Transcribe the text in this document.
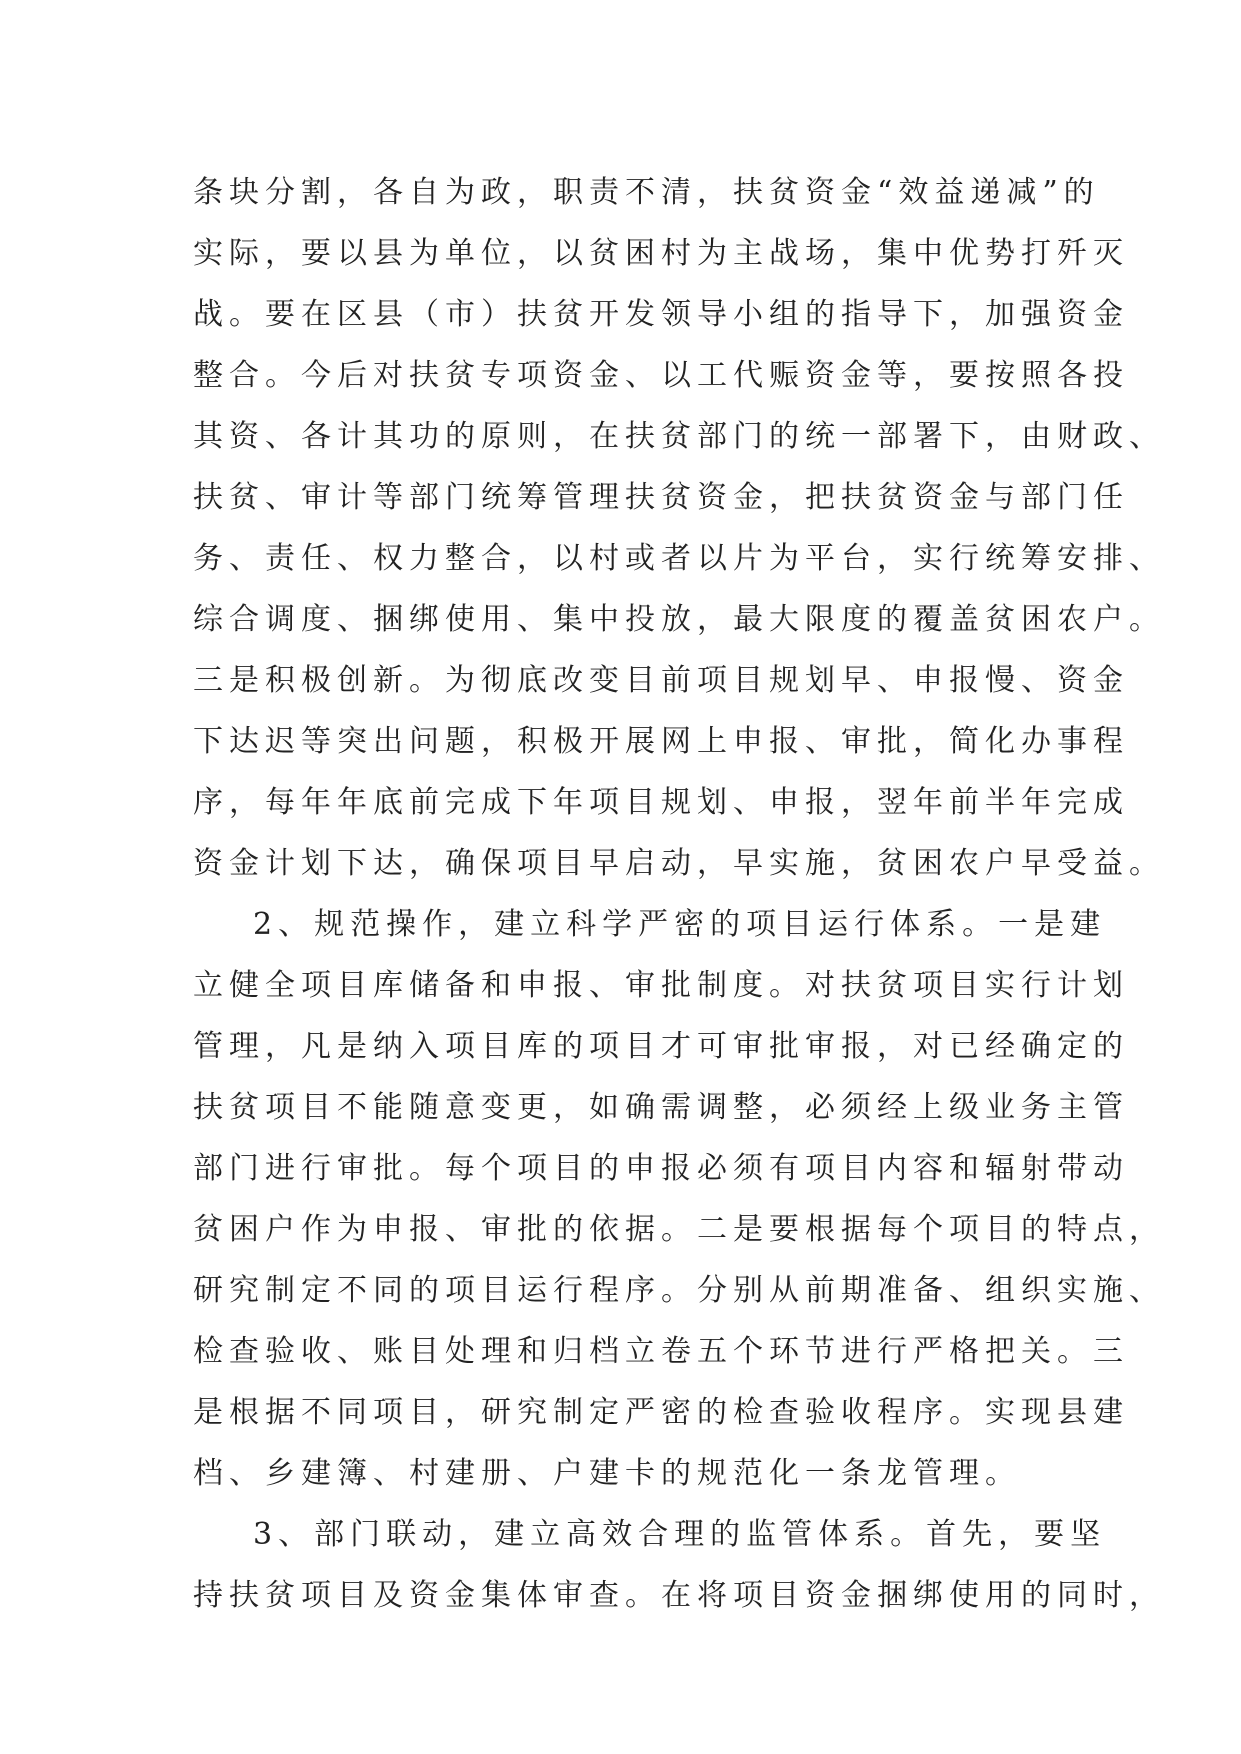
条块分割，各自为政，职责不清，扶贫资金“效益递减”的
实际，要以县为单位，以贫困村为主战场，集中优势打歼灭
战。要在区县（市）扶贫开发领导小组的指导下，加强资金
整合。今后对扶贫专项资金、以工代赈资金等，要按照各投
其资、各计其功的原则，在扶贫部门的统一部署下，由财政、
扶贫、审计等部门统筹管理扶贫资金，把扶贫资金与部门任
务、责任、权力整合，以村或者以片为平台，实行统筹安排、
综合调度、捆绑使用、集中投放，最大限度的覆盖贫困农户。
三是积极创新。为彻底改变目前项目规划早、申报慢、资金
下达迟等突出问题，积极开展网上申报、审批，简化办事程
序，每年年底前完成下年项目规划、申报，翌年前半年完成
资金计划下达，确保项目早启动，早实施，贫困农户早受益。
2、规范操作，建立科学严密的项目运行体系。一是建
立健全项目库储备和申报、审批制度。对扶贫项目实行计划
管理，凡是纳入项目库的项目才可审批审报，对已经确定的
扶贫项目不能随意变更，如确需调整，必须经上级业务主管
部门进行审批。每个项目的申报必须有项目内容和辐射带动
贫困户作为申报、审批的依据。二是要根据每个项目的特点，
研究制定不同的项目运行程序。分别从前期准备、组织实施、
检查验收、账目处理和归档立卷五个环节进行严格把关。三
是根据不同项目，研究制定严密的检查验收程序。实现县建
档、乡建簿、村建册、户建卡的规范化一条龙管理。
3、部门联动，建立高效合理的监管体系。首先，要坚
持扶贫项目及资金集体审查。在将项目资金捆绑使用的同时，
